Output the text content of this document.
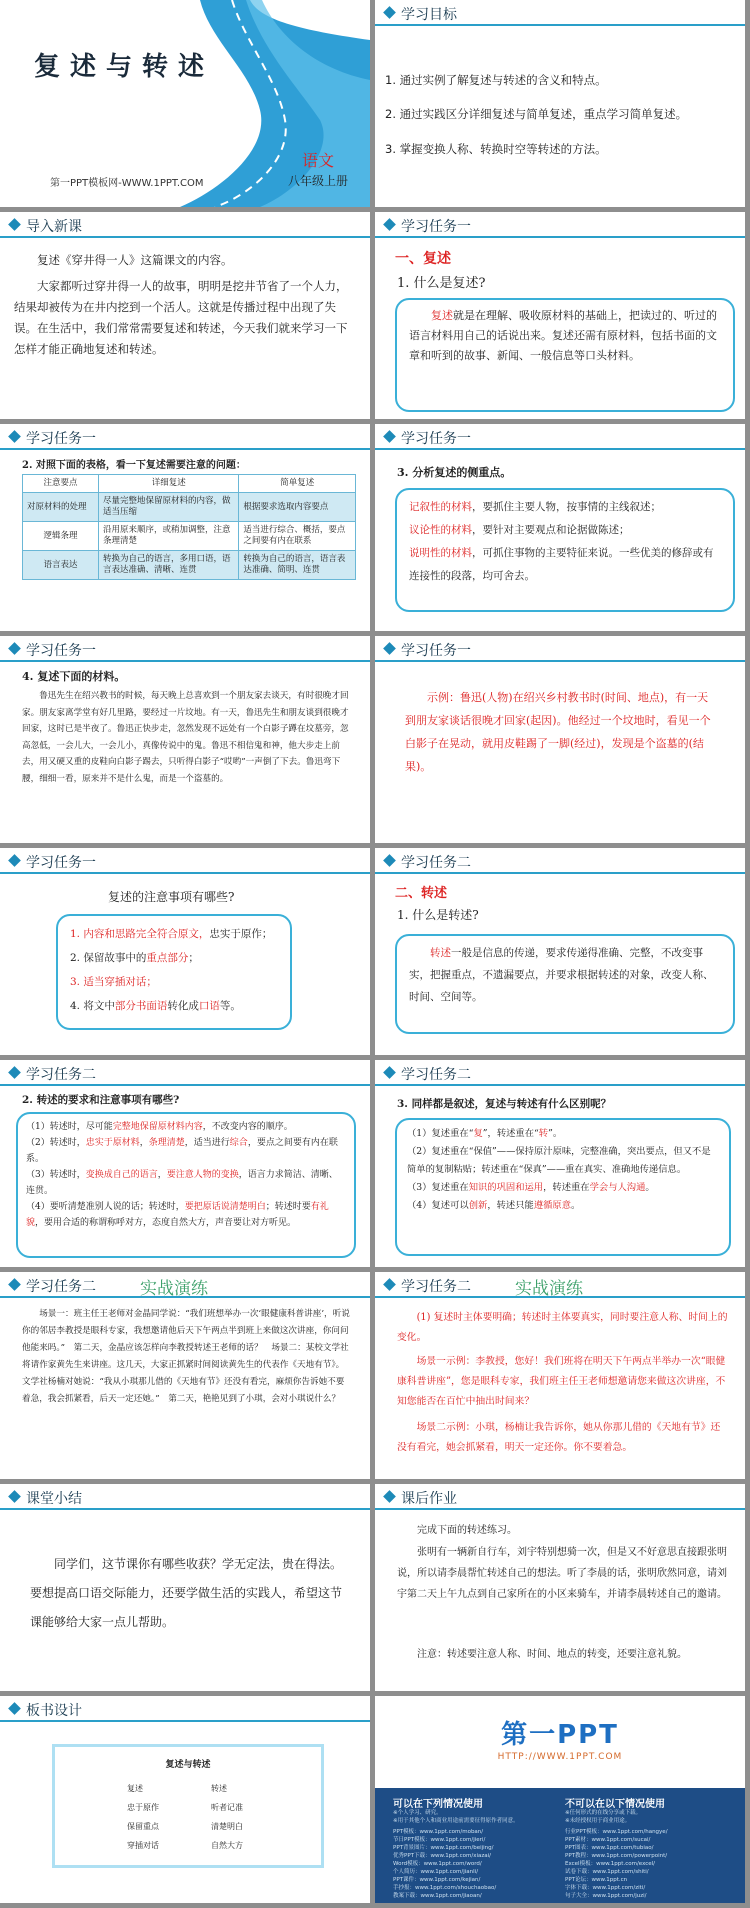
复述与转述
第一PPT模板网-WWW.1PPT.COM
语文
八年级上册
学习目标
1. 通过实例了解复述与转述的含义和特点。
2. 通过实践区分详细复述与简单复述，重点学习简单复述。
3. 掌握变换人称、转换时空等转述的方法。
导入新课
复述《穿井得一人》这篇课文的内容。
大家都听过穿井得一人的故事，明明是挖井节省了一个人力，结果却被传为在井内挖到一个活人。这就是传播过程中出现了失误。在生活中，我们常常需要复述和转述，今天我们就来学习一下怎样才能正确地复述和转述。
学习任务一
一、复述
1. 什么是复述?
复述就是在理解、吸收原材料的基础上，把读过的、听过的语言材料用自己的话说出来。复述还需有原材料，包括书面的文章和听到的故事、新闻、一般信息等口头材料。
学习任务一
2. 对照下面的表格，看一下复述需要注意的问题：
注意要点	详细复述	简单复述
对原材料的处理	尽量完整地保留原材料的内容，做适当压缩	根据要求选取内容要点
逻辑条理	沿用原来顺序，或稍加调整，注意条理清楚	适当进行综合、概括，要点之间要有内在联系
语言表达	转换为自己的语言，多用口语，语言表达准确、清晰、连贯	转换为自己的语言，语言表达准确、简明、连贯
学习任务一
3. 分析复述的侧重点。
记叙性的材料，要抓住主要人物，按事情的主线叙述；
议论性的材料，要针对主要观点和论据做陈述；
说明性的材料，可抓住事物的主要特征来说。一些优美的修辞或有连接性的段落，均可舍去。
学习任务一
4. 复述下面的材料。
鲁迅先生在绍兴教书的时候，每天晚上总喜欢到一个朋友家去谈天，有时很晚才回家。朋友家离学堂有好几里路，要经过一片坟地。有一天，鲁迅先生和朋友谈到很晚才回家，这时已是半夜了。鲁迅正快步走，忽然发现不远处有一个白影子蹲在坟墓旁，忽高忽低，一会儿大，一会儿小，真像传说中的鬼。鲁迅不相信鬼和神，他大步走上前去，用又硬又重的皮鞋向白影子踢去，只听得白影子“哎哟”一声倒了下去。鲁迅弯下腰，细细一看，原来并不是什么鬼，而是一个盗墓的。
学习任务一
示例：鲁迅(人物)在绍兴乡村教书时(时间、地点)，有一天到朋友家谈话很晚才回家(起因)。他经过一个坟地时，看见一个白影子在晃动，就用皮鞋踢了一脚(经过)，发现是个盗墓的(结果)。
学习任务一
复述的注意事项有哪些?
1. 内容和思路完全符合原文，忠实于原作；
2. 保留故事中的重点部分；
3. 适当穿插对话；
4. 将文中部分书面语转化成口语等。
学习任务二
二、转述
1. 什么是转述?
转述一般是信息的传递，要求传递得准确、完整，不改变事实，把握重点，不遗漏要点，并要求根据转述的对象，改变人称、时间、空间等。
学习任务二
2. 转述的要求和注意事项有哪些?
（1）转述时，尽可能完整地保留原材料内容，不改变内容的顺序。
（2）转述时，忠实于原材料，条理清楚，适当进行综合，要点之间要有内在联系。
（3）转述时，变换成自己的语言，要注意人物的变换，语言力求简洁、清晰、连贯。
（4）要听清楚准别人说的话；转述时，要把原话说清楚明白；转述时要有礼貌，要用合适的称谓称呼对方，态度自然大方，声音要让对方听见。
学习任务二
3. 同样都是叙述，复述与转述有什么区别呢？
（1）复述重在“复”，转述重在“转”。
（2）复述重在“保值”——保持原汁原味，完整准确，突出要点，但又不是简单的复制粘贴；转述重在“保真”——重在真实、准确地传递信息。
（3）复述重在知识的巩固和运用，转述重在学会与人沟通。
（4）复述可以创新，转述只能遵循原意。
学习任务二	实战演练
场景一：班主任王老师对金晶同学说：“我们班想举办一次‘眼健康科普讲座’，听说你的邻居李教授是眼科专家，我想邀请他后天下午两点半到班上来做这次讲座，你问问他能来吗。”　第二天，金晶应该怎样向李教授转述王老师的话？　场景二：某校文学社将请作家黄先生来讲座。这几天，大家正抓紧时间阅读黄先生的代表作《天地有节》。文学社杨楠对她说：“我从小琪那儿借的《天地有节》还没有看完，麻烦你告诉她不要着急，我会抓紧看，后天一定还她。”　第二天，艳艳见到了小琪，会对小琪说什么？
学习任务二	实战演练
(1) 复述时主体要明确；转述时主体要真实，同时要注意人称、时间上的变化。
场景一示例：李教授，您好！我们班将在明天下午两点半举办一次“眼健康科普讲座”，您是眼科专家，我们班主任王老师想邀请您来做这次讲座，不知您能否在百忙中抽出时间来？
场景二示例：小琪，杨楠让我告诉你，她从你那儿借的《天地有节》还没有看完，她会抓紧看，明天一定还你。你不要着急。
课堂小结
同学们，这节课你有哪些收获？学无定法，贵在得法。要想提高口语交际能力，还要学做生活的实践人，希望这节课能够给大家一点儿帮助。
课后作业
完成下面的转述练习。
张明有一辆新自行车，刘宇特别想骑一次，但是又不好意思直接跟张明说，所以请李晨帮忙转述自己的想法。听了李晨的话，张明欣然同意，请刘宇第二天上午九点到自己家所在的小区来骑车，并请李晨转述自己的邀请。
注意：转述要注意人称、时间、地点的转变，还要注意礼貌。
板书设计
复述与转述
复述
忠于原作
保留重点
穿插对话
转述
听者记准
清楚明白
自然大方
第一PPT
HTTP://WWW.1PPT.COM
可以在下列情况使用
※个人学习、研究。
※用于其他个人和商业用途前需要征得原作者同意。
不可以在以下情况使用
※任何形式的在线分享或下载。
※未经授权用于商业用途。
PPT模板：www.1ppt.com/moban/
节日PPT模板：www.1ppt.com/jieri/
PPT背景图片：www.1ppt.com/beijing/
优秀PPT下载：www.1ppt.com/xiazai/
Word模板：www.1ppt.com/word/
个人简历：www.1ppt.com/jianli/
PPT课件：www.1ppt.com/kejian/
手抄报：www.1ppt.com/shouchaobao/
教案下载：www.1ppt.com/jiaoan/
行业PPT模板：www.1ppt.com/hangye/
PPT素材：www.1ppt.com/sucai/
PPT图表：www.1ppt.com/tubiao/
PPT教程：www.1ppt.com/powerpoint/
Excel模板：www.1ppt.com/excel/
试卷下载：www.1ppt.com/shiti/
PPT论坛：www.1ppt.cn
字体下载：www.1ppt.com/ziti/
句子大全：www.1ppt.com/juzi/
